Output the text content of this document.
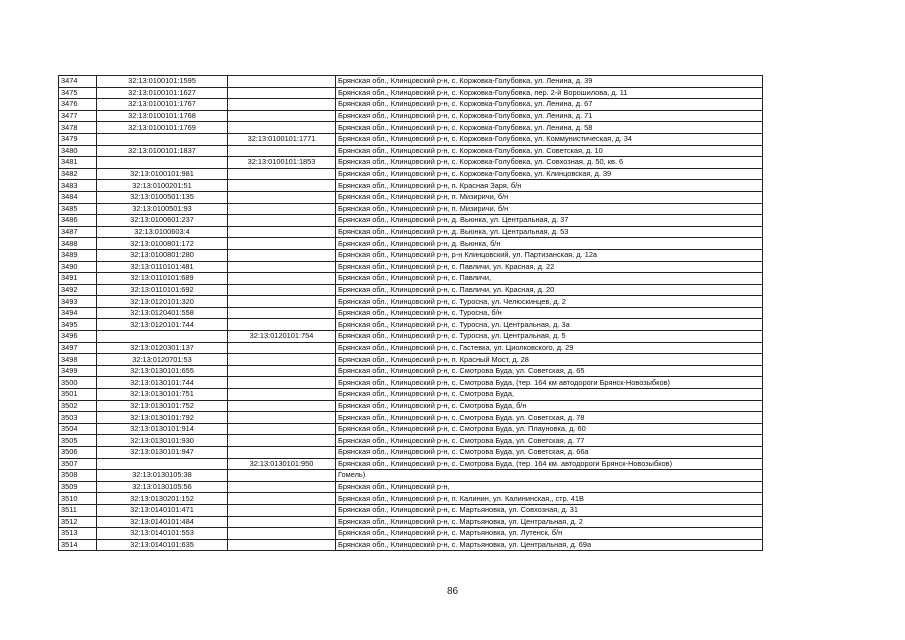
3474	32:13:0100101:1595		Брянская обл., Клинцовский р-н, с. Коржовка-Голубовка, ул. Ленина, д. 39
3475	32:13:0100101:1627		Брянская обл., Клинцовский р-н, с. Коржовка-Голубовка, пер. 2-й Ворошилова, д. 11
3476	32:13:0100101:1767		Брянская обл., Клинцовский р-н, с. Коржовка-Голубовка, ул. Ленина, д. 67
3477	32:13:0100101:1768		Брянская обл., Клинцовский р-н, с. Коржовка-Голубовка, ул. Ленина, д. 71
3478	32:13:0100101:1769		Брянская обл., Клинцовский р-н, с. Коржовка-Голубовка, ул. Ленина, д. 58
3479		32:13:0100101:1771	Брянская обл., Клинцовский р-н, с. Коржовка-Голубовка, ул. Коммунистическая, д. 34
3480	32:13:0100101:1837		Брянская обл., Клинцовский р-н, с. Коржовка-Голубовка, ул. Советская, д. 10
3481		32:13:0100101:1853	Брянская обл., Клинцовский р-н, с. Коржовка-Голубовка, ул. Совхозная, д. 50, кв. 6
3482	32:13:0100101:981		Брянская обл., Клинцовский р-н, с. Коржовка-Голубовка, ул. Клинцовская, д. 39
3483	32:13:0100201:51		Брянская обл., Клинцовский р-н, п. Красная Заря, б/н
3484	32:13:0100501:135		Брянская обл., Клинцовский р-н, п. Мизиричи, б/н
3485	32:13:0100501:93		Брянская обл., Клинцовский р-н, п. Мизиричи, б/н
3486	32:13:0100601:237		Брянская обл., Клинцовский р-н, д. Вьюнка, ул. Центральная, д. 37
3487	32:13:0100603:4		Брянская обл., Клинцовский р-н, д. Вьюнка, ул. Центральная, д. 53
3488	32:13:0100801:172		Брянская обл., Клинцовский р-н, д. Вьюнка, б/н
3489	32:13:0100801:280		Брянская обл., Клинцовский р-н, р-н Клинцовский, ул. Партизанская, д. 12а
3490	32:13:0110101:481		Брянская обл., Клинцовский р-н, с. Павличи, ул. Красная, д. 22
3491	32:13:0110101:689		Брянская обл., Клинцовский р-н, с. Павличи,
3492	32:13:0110101:692		Брянская обл., Клинцовский р-н, с. Павличи, ул. Красная, д. 20
3493	32:13:0120101:320		Брянская обл., Клинцовский р-н, с. Туросна, ул. Челюскинцев, д. 2
3494	32:13:0120401:558		Брянская обл., Клинцовский р-н, с. Туросна, б/н
3495	32:13:0120101:744		Брянская обл., Клинцовский р-н, с. Туросна, ул. Центральная, д. 3а
3496		32:13:0120101:754	Брянская обл., Клинцовский р-н, с. Туросна, ул. Центральная, д. 5
3497	32:13:0120301:137		Брянская обл., Клинцовский р-н, с. Гастевка, ул. Циолковского, д. 29
3498	32:13:0120701:53		Брянская обл., Клинцовский р-н, п. Красный Мост, д. 28
3499	32:13:0130101:655		Брянская обл., Клинцовский р-н, с. Смотрова Буда, ул. Советская, д. 65
3500	32:13:0130101:744		Брянская обл., Клинцовский р-н, с. Смотрова Буда, (тер. 164 км автодороги Брянск-Новозыбков)
3501	32:13:0130101:751		Брянская обл., Клинцовский р-н, с. Смотрова Буда,
3502	32:13:0130101:752		Брянская обл., Клинцовский р-н, с. Смотрова Буда, б/н
3503	32:13:0130101:792		Брянская обл., Клинцовский р-н, с. Смотрова Буда, ул. Советская, д. 78
3504	32:13:0130101:914		Брянская обл., Клинцовский р-н, с. Смотрова Буда, ул. Плауновка, д. 60
3505	32:13:0130101:930		Брянская обл., Клинцовский р-н, с. Смотрова Буда, ул. Советская, д. 77
3506	32:13:0130101:947		Брянская обл., Клинцовский р-н, с. Смотрова Буда, ул. Советская, д. 66а
3507		32:13:0130101:950	Брянская обл., Клинцовский р-н, с. Смотрова Буда, (тер. 164 км. автодороги Брянск-Новозыбков)
3508	32:13:0130105:38		Гомель)
3509	32:13:0130105:56		Брянская обл., Клинцовский р-н,
3510	32:13:0130201:152		Брянская обл., Клинцовский р-н, п. Калинин, ул. Калининская,, стр. 41В
3511	32:13:0140101:471		Брянская обл., Клинцовский р-н, с. Мартьяновка, ул. Совхозная, д. 31
3512	32:13:0140101:484		Брянская обл., Клинцовский р-н, с. Мартьяновка, ул. Центральная, д. 2
3513	32:13:0140101:553		Брянская обл., Клинцовский р-н, с. Мартьяновка, ул. Лутенск, б/н
3514	32:13:0140101:635		Брянская обл., Клинцовский р-н, с. Мартьяновка, ул. Центральная, д. 69а
86
